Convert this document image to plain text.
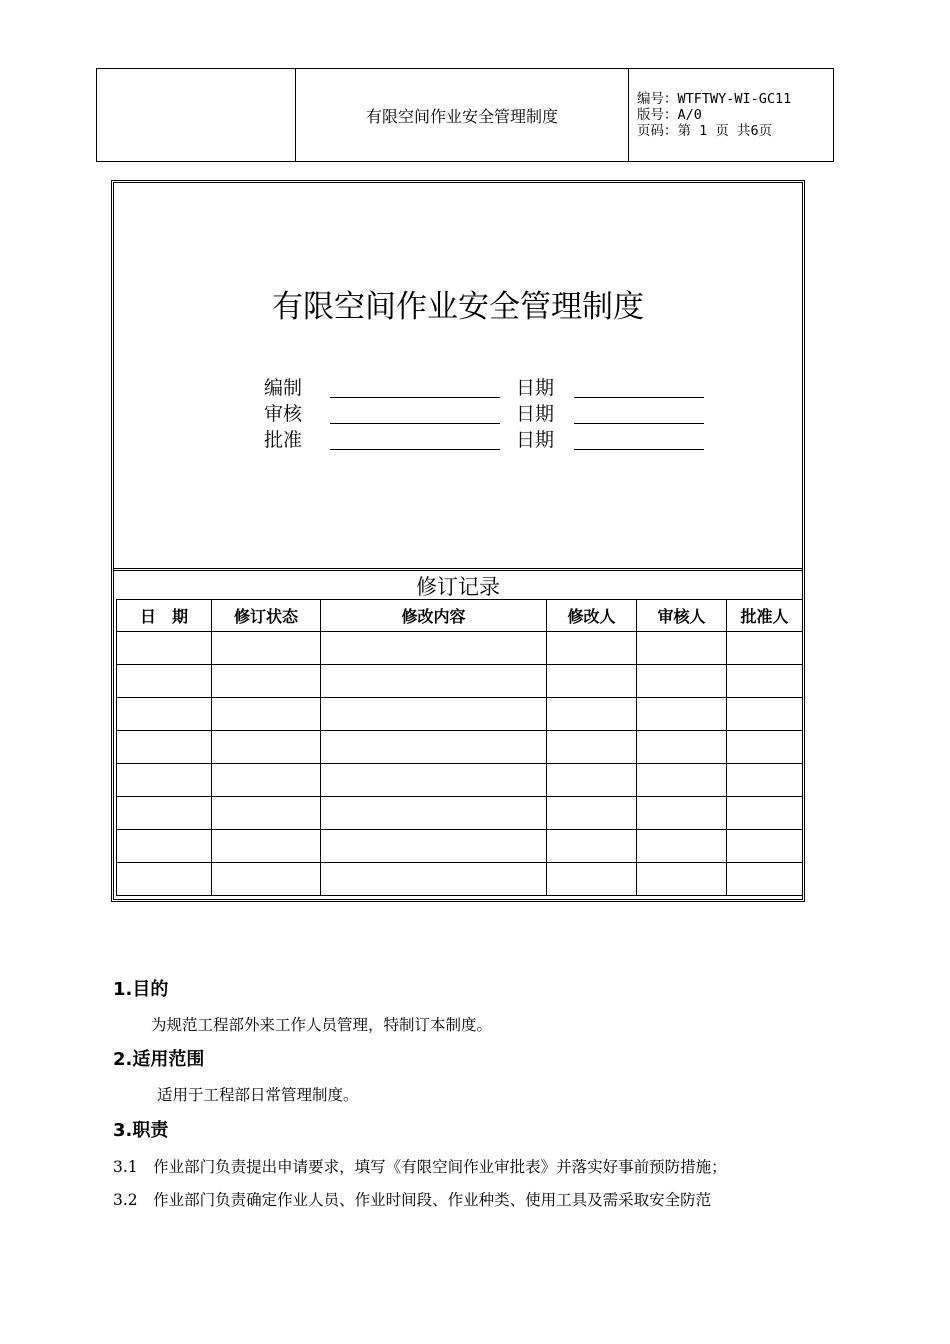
有限空间作业安全管理制度
编号：WTFTWY-WI-GC11
版号：A/0
页码：第 1 页 共6页
有限空间作业安全管理制度
编制	日期
审核	日期
批准	日期
修订记录
日　期	修订状态	修改内容	修改人	审核人	批准人

1.目的
为规范工程部外来工作人员管理，特制订本制度。
2.适用范围
适用于工程部日常管理制度。
3.职责
3.1　作业部门负责提出申请要求，填写《有限空间作业审批表》并落实好事前预防措施；
3.2　作业部门负责确定作业人员、作业时间段、作业种类、使用工具及需采取安全防范
